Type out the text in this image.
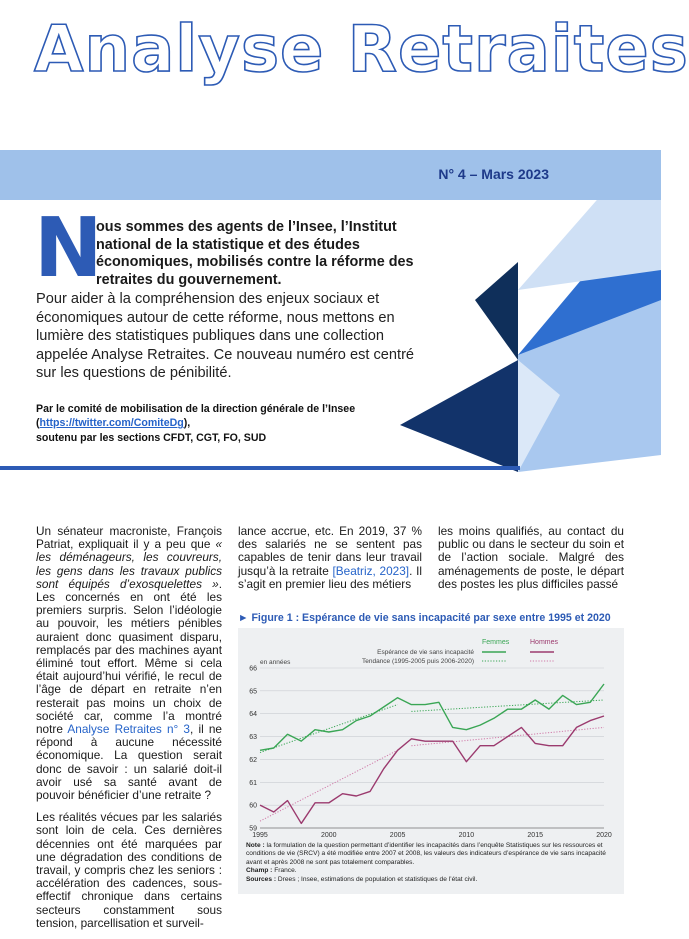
Analyse Retraites
N° 4 – Mars 2023
N
ous sommes des agents de l’Insee, l’Institut national de la statistique et des études économiques, mobilisés contre la réforme des retraites du gouvernement.
Pour aider à la compréhension des enjeux sociaux et économiques autour de cette réforme, nous mettons en lumière des statistiques publiques dans une collection appelée Analyse Retraites. Ce nouveau numéro est centré sur les questions de pénibilité.
Par le comité de mobilisation de la direction générale de l’Insee
(https://twitter.com/ComiteDg),
soutenu par les sections CFDT, CGT, FO, SUD

Un sénateur macroniste, François Patriat, expliquait il y a peu que « les déménageurs, les couvreurs, les gens dans les travaux publics sont équipés d’exosquelettes ». Les concernés en ont été les premiers surpris. Selon l’idéologie au pouvoir, les métiers pénibles auraient donc quasiment disparu, remplacés par des machines ayant éliminé tout effort. Même si cela était aujourd’hui vérifié, le recul de l’âge de départ en retraite n’en resterait pas moins un choix de société car, comme l’a montré notre Analyse Retraites n° 3, il ne répond à aucune nécessité économique. La question serait donc de savoir : un salarié doit-il avoir usé sa santé avant de pouvoir bénéficier d’une retraite ?

Les réalités vécues par les salariés sont loin de cela. Ces dernières décennies ont été marquées par une dégradation des conditions de travail, y compris chez les seniors : accélération des cadences, sous-effectif chronique dans certains secteurs constamment sous tension, parcellisation et surveil-

lance accrue, etc. En 2019, 37 % des salariés ne se sentent pas capables de tenir dans leur travail jusqu’à la retraite [Beatriz, 2023]. Il s’agit en premier lieu des métiers

les moins qualifiés, au contact du public ou dans le secteur du soin et de l’action sociale. Malgré des aménagements de poste, le départ des postes les plus difficiles passé

► Figure 1 : Espérance de vie sans incapacité par sexe entre 1995 et 2020
Femmes	Hommes
Espérance de vie sans incapacité
Tendance (1995-2005 puis 2006-2020)
en années
59
60
61
62
63
64
65
66
1995	2000	2005	2010	2015	2020
Note : la formulation de la question permettant d’identifier les incapacités dans l’enquête Statistiques sur les ressources et conditions de vie (SRCV) a été modifiée entre 2007 et 2008, les valeurs des indicateurs d’espérance de vie sans incapacité avant et après 2008 ne sont pas totalement comparables.
Champ : France.
Sources : Drees ; Insee, estimations de population et statistiques de l’état civil.
